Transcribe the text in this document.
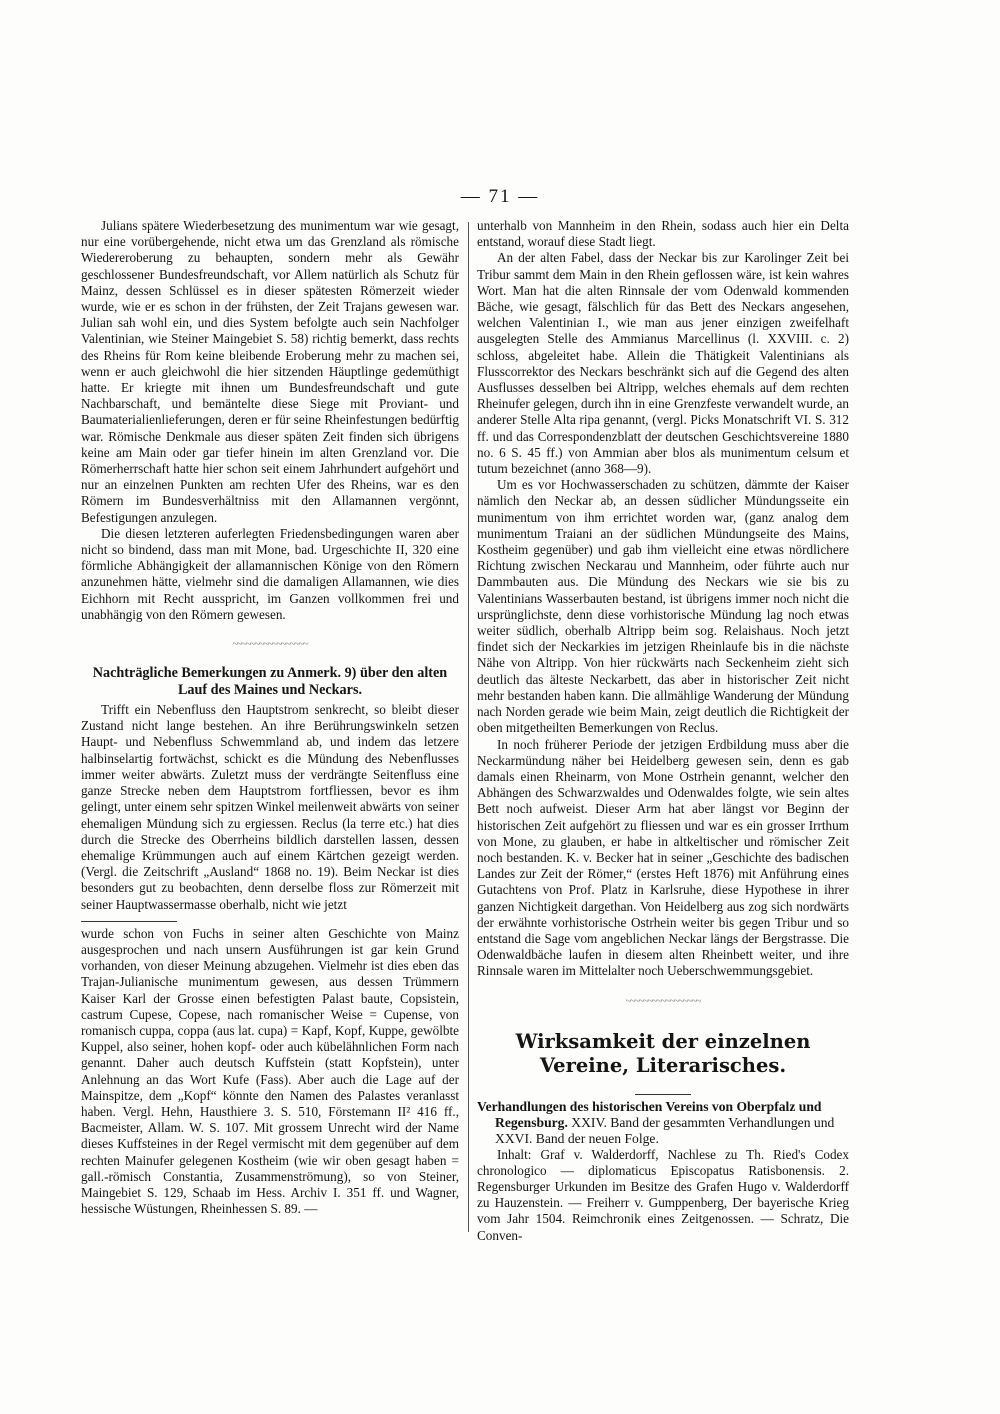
— 71 —

Julians spätere Wiederbesetzung des munimentum war wie gesagt, nur eine vorübergehende, nicht etwa um das Grenzland als römische Wiedereroberung zu behaupten, sondern mehr als Gewähr geschlossener Bundesfreundschaft, vor Allem natürlich als Schutz für Mainz, dessen Schlüssel es in dieser spätesten Römerzeit wieder wurde, wie er es schon in der frühsten, der Zeit Trajans gewesen war. Julian sah wohl ein, und dies System befolgte auch sein Nachfolger Valentinian, wie Steiner Maingebiet S. 58) richtig bemerkt, dass rechts des Rheins für Rom keine bleibende Eroberung mehr zu machen sei, wenn er auch gleichwohl die hier sitzenden Häuptlinge gedemüthigt hatte. Er kriegte mit ihnen um Bundesfreundschaft und gute Nachbarschaft, und bemäntelte diese Siege mit Proviant- und Baumaterialienlieferungen, deren er für seine Rheinfestungen bedürftig war. Römische Denkmale aus dieser späten Zeit finden sich übrigens keine am Main oder gar tiefer hinein im alten Grenzland vor. Die Römerherrschaft hatte hier schon seit einem Jahrhundert aufgehört und nur an einzelnen Punkten am rechten Ufer des Rheins, war es den Römern im Bundesverhältniss mit den Allamannen vergönnt, Befestigungen anzulegen.

Die diesen letzteren auferlegten Friedensbedingungen waren aber nicht so bindend, dass man mit Mone, bad. Urgeschichte II, 320 eine förmliche Abhängigkeit der allamannischen Könige von den Römern anzunehmen hätte, vielmehr sind die damaligen Allamannen, wie dies Eichhorn mit Recht ausspricht, im Ganzen vollkommen frei und unabhängig von den Römern gewesen.

~~~~~~~~~~~~~~~~~
Nachträgliche Bemerkungen zu Anmerk. 9) über den alten Lauf des Maines und Neckars.

Trifft ein Nebenfluss den Hauptstrom senkrecht, so bleibt dieser Zustand nicht lange bestehen. An ihre Berührungswinkeln setzen Haupt- und Nebenfluss Schwemmland ab, und indem das letzere halbinselartig fortwächst, schickt es die Mündung des Nebenflusses immer weiter abwärts. Zuletzt muss der verdrängte Seitenfluss eine ganze Strecke neben dem Hauptstrom fortfliessen, bevor es ihm gelingt, unter einem sehr spitzen Winkel meilenweit abwärts von seiner ehemaligen Mündung sich zu ergiessen. Reclus (la terre etc.) hat dies durch die Strecke des Oberrheins bildlich darstellen lassen, dessen ehemalige Krümmungen auch auf einem Kärtchen gezeigt werden. (Vergl. die Zeitschrift „Ausland“ 1868 no. 19). Beim Neckar ist dies besonders gut zu beobachten, denn derselbe floss zur Römerzeit mit seiner Hauptwassermasse oberhalb, nicht wie jetzt

wurde schon von Fuchs in seiner alten Geschichte von Mainz ausgesprochen und nach unsern Ausführungen ist gar kein Grund vorhanden, von dieser Meinung abzugehen. Vielmehr ist dies eben das Trajan-Julianische munimentum gewesen, aus dessen Trümmern Kaiser Karl der Grosse einen befestigten Palast baute, Copsistein, castrum Cupese, Copese, nach romanischer Weise = Cupense, von romanisch cuppa, coppa (aus lat. cupa) = Kapf, Kopf, Kuppe, gewölbte Kuppel, also seiner, hohen kopf- oder auch kübelähnlichen Form nach genannt. Daher auch deutsch Kuffstein (statt Kopfstein), unter Anlehnung an das Wort Kufe (Fass). Aber auch die Lage auf der Mainspitze, dem „Kopf“ könnte den Namen des Palastes veranlasst haben. Vergl. Hehn, Hausthiere 3. S. 510, Förstemann II² 416 ff., Bacmeister, Allam. W. S. 107. Mit grossem Unrecht wird der Name dieses Kuffsteines in der Regel vermischt mit dem gegenüber auf dem rechten Mainufer gelegenen Kostheim (wie wir oben gesagt haben = gall.-römisch Constantia, Zusammenströmung), so von Steiner, Maingebiet S. 129, Schaab im Hess. Archiv I. 351 ff. und Wagner, hessische Wüstungen, Rheinhessen S. 89. —

unterhalb von Mannheim in den Rhein, sodass auch hier ein Delta entstand, worauf diese Stadt liegt.

An der alten Fabel, dass der Neckar bis zur Karolinger Zeit bei Tribur sammt dem Main in den Rhein geflossen wäre, ist kein wahres Wort. Man hat die alten Rinnsale der vom Odenwald kommenden Bäche, wie gesagt, fälschlich für das Bett des Neckars angesehen, welchen Valentinian I., wie man aus jener einzigen zweifelhaft ausgelegten Stelle des Ammianus Marcellinus (l. XXVIII. c. 2) schloss, abgeleitet habe. Allein die Thätigkeit Valentinians als Flusscorrektor des Neckars beschränkt sich auf die Gegend des alten Ausflusses desselben bei Altripp, welches ehemals auf dem rechten Rheinufer gelegen, durch ihn in eine Grenzfeste verwandelt wurde, an anderer Stelle Alta ripa genannt, (vergl. Picks Monatschrift VI. S. 312 ff. und das Correspondenzblatt der deutschen Geschichtsvereine 1880 no. 6 S. 45 ff.) von Ammian aber blos als munimentum celsum et tutum bezeichnet (anno 368—9).

Um es vor Hochwasserschaden zu schützen, dämmte der Kaiser nämlich den Neckar ab, an dessen südlicher Mündungsseite ein munimentum von ihm errichtet worden war, (ganz analog dem munimentum Traiani an der südlichen Mündungseite des Mains, Kostheim gegenüber) und gab ihm vielleicht eine etwas nördlichere Richtung zwischen Neckarau und Mannheim, oder führte auch nur Dammbauten aus. Die Mündung des Neckars wie sie bis zu Valentinians Wasserbauten bestand, ist übrigens immer noch nicht die ursprünglichste, denn diese vorhistorische Mündung lag noch etwas weiter südlich, oberhalb Altripp beim sog. Relaishaus. Noch jetzt findet sich der Neckarkies im jetzigen Rheinlaufe bis in die nächste Nähe von Altripp. Von hier rückwärts nach Seckenheim zieht sich deutlich das älteste Neckarbett, das aber in historischer Zeit nicht mehr bestanden haben kann. Die allmählige Wanderung der Mündung nach Norden gerade wie beim Main, zeigt deutlich die Richtigkeit der oben mitgetheilten Bemerkungen von Reclus.

In noch früherer Periode der jetzigen Erdbildung muss aber die Neckarmündung näher bei Heidelberg gewesen sein, denn es gab damals einen Rheinarm, von Mone Ostrhein genannt, welcher den Abhängen des Schwarzwaldes und Odenwaldes folgte, wie sein altes Bett noch aufweist. Dieser Arm hat aber längst vor Beginn der historischen Zeit aufgehört zu fliessen und war es ein grosser Irrthum von Mone, zu glauben, er habe in altkeltischer und römischer Zeit noch bestanden. K. v. Becker hat in seiner „Geschichte des badischen Landes zur Zeit der Römer,“ (erstes Heft 1876) mit Anführung eines Gutachtens von Prof. Platz in Karlsruhe, diese Hypothese in ihrer ganzen Nichtigkeit dargethan. Von Heidelberg aus zog sich nordwärts der erwähnte vorhistorische Ostrhein weiter bis gegen Tribur und so entstand die Sage vom angeblichen Neckar längs der Bergstrasse. Die Odenwaldbäche laufen in diesem alten Rheinbett weiter, und ihre Rinnsale waren im Mittelalter noch Ueberschwemmungsgebiet.

~~~~~~~~~~~~~~~~~
Wirksamkeit der einzelnen Vereine, Literarisches.
Verhandlungen des historischen Vereins von Oberpfalz und Regensburg. XXIV. Band der gesammten Verhandlungen und XXVI. Band der neuen Folge.

Inhalt: Graf v. Walderdorff, Nachlese zu Th. Ried's Codex chronologico — diplomaticus Episcopatus Ratisbonensis. 2. Regensburger Urkunden im Besitze des Grafen Hugo v. Walderdorff zu Hauzenstein. — Freiherr v. Gumppenberg, Der bayerische Krieg vom Jahr 1504. Reimchronik eines Zeitgenossen. — Schratz, Die Conven-
